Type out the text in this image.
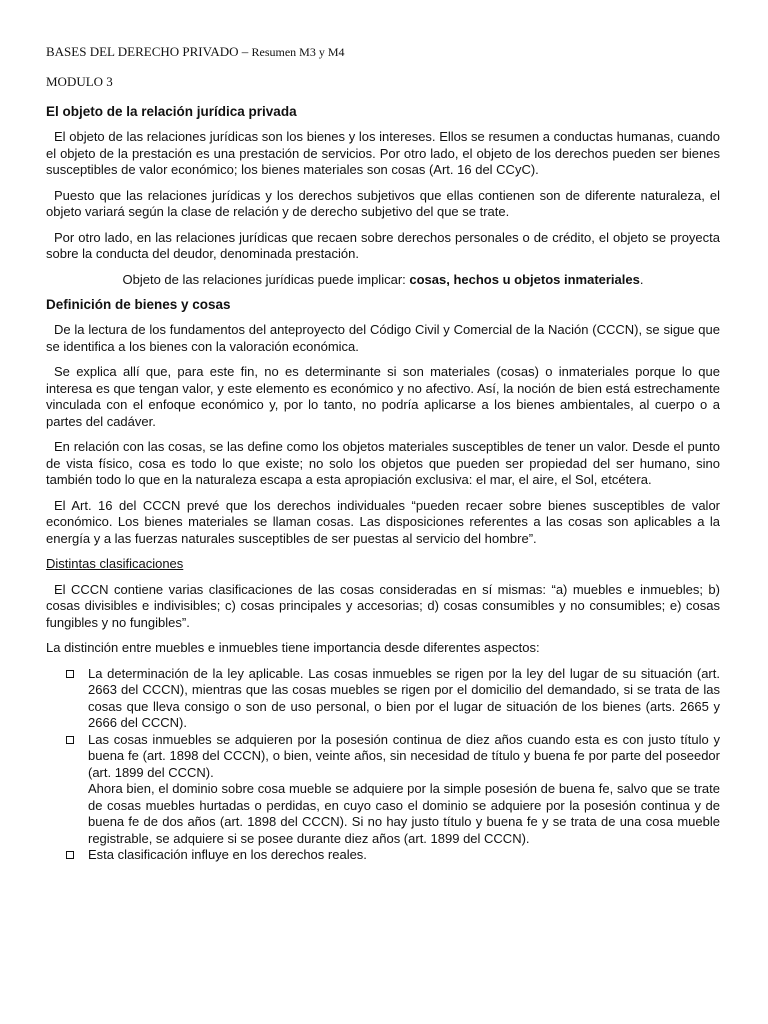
BASES DEL DERECHO PRIVADO – Resumen M3 y M4
MODULO 3
El objeto de la relación jurídica privada

El objeto de las relaciones jurídicas son los bienes y los intereses. Ellos se resumen a conductas humanas, cuando el objeto de la prestación es una prestación de servicios. Por otro lado, el objeto de los derechos pueden ser bienes susceptibles de valor económico; los bienes materiales son cosas (Art. 16 del CCyC).

Puesto que las relaciones jurídicas y los derechos subjetivos que ellas contienen son de diferente naturaleza, el objeto variará según la clase de relación y de derecho subjetivo del que se trate.

Por otro lado, en las relaciones jurídicas que recaen sobre derechos personales o de crédito, el objeto se proyecta sobre la conducta del deudor, denominada prestación.

Objeto de las relaciones jurídicas puede implicar: cosas, hechos u objetos inmateriales.

Definición de bienes y cosas

De la lectura de los fundamentos del anteproyecto del Código Civil y Comercial de la Nación (CCCN), se sigue que se identifica a los bienes con la valoración económica.

Se explica allí que, para este fin, no es determinante si son materiales (cosas) o inmateriales porque lo que interesa es que tengan valor, y este elemento es económico y no afectivo. Así, la noción de bien está estrechamente vinculada con el enfoque económico y, por lo tanto, no podría aplicarse a los bienes ambientales, al cuerpo o a partes del cadáver.

En relación con las cosas, se las define como los objetos materiales susceptibles de tener un valor. Desde el punto de vista físico, cosa es todo lo que existe; no solo los objetos que pueden ser propiedad del ser humano, sino también todo lo que en la naturaleza escapa a esta apropiación exclusiva: el mar, el aire, el Sol, etcétera.

El Art. 16 del CCCN prevé que los derechos individuales “pueden recaer sobre bienes susceptibles de valor económico. Los bienes materiales se llaman cosas. Las disposiciones referentes a las cosas son aplicables a la energía y a las fuerzas naturales susceptibles de ser puestas al servicio del hombre”.

Distintas clasificaciones

El CCCN contiene varias clasificaciones de las cosas consideradas en sí mismas: “a) muebles e inmuebles; b) cosas divisibles e indivisibles; c) cosas principales y accesorias; d) cosas consumibles y no consumibles; e) cosas fungibles y no fungibles”.

La distinción entre muebles e inmuebles tiene importancia desde diferentes aspectos:

La determinación de la ley aplicable. Las cosas inmuebles se rigen por la ley del lugar de su situación (art. 2663 del CCCN), mientras que las cosas muebles se rigen por el domicilio del demandado, si se trata de las cosas que lleva consigo o son de uso personal, o bien por el lugar de situación de los bienes (arts. 2665 y 2666 del CCCN).
Las cosas inmuebles se adquieren por la posesión continua de diez años cuando esta es con justo título y buena fe (art. 1898 del CCCN), o bien, veinte años, sin necesidad de título y buena fe por parte del poseedor (art. 1899 del CCCN).
Ahora bien, el dominio sobre cosa mueble se adquiere por la simple posesión de buena fe, salvo que se trate de cosas muebles hurtadas o perdidas, en cuyo caso el dominio se adquiere por la posesión continua y de buena fe de dos años (art. 1898 del CCCN). Si no hay justo título y buena fe y se trata de una cosa mueble registrable, se adquiere si se posee durante diez años (art. 1899 del CCCN).
Esta clasificación influye en los derechos reales.
